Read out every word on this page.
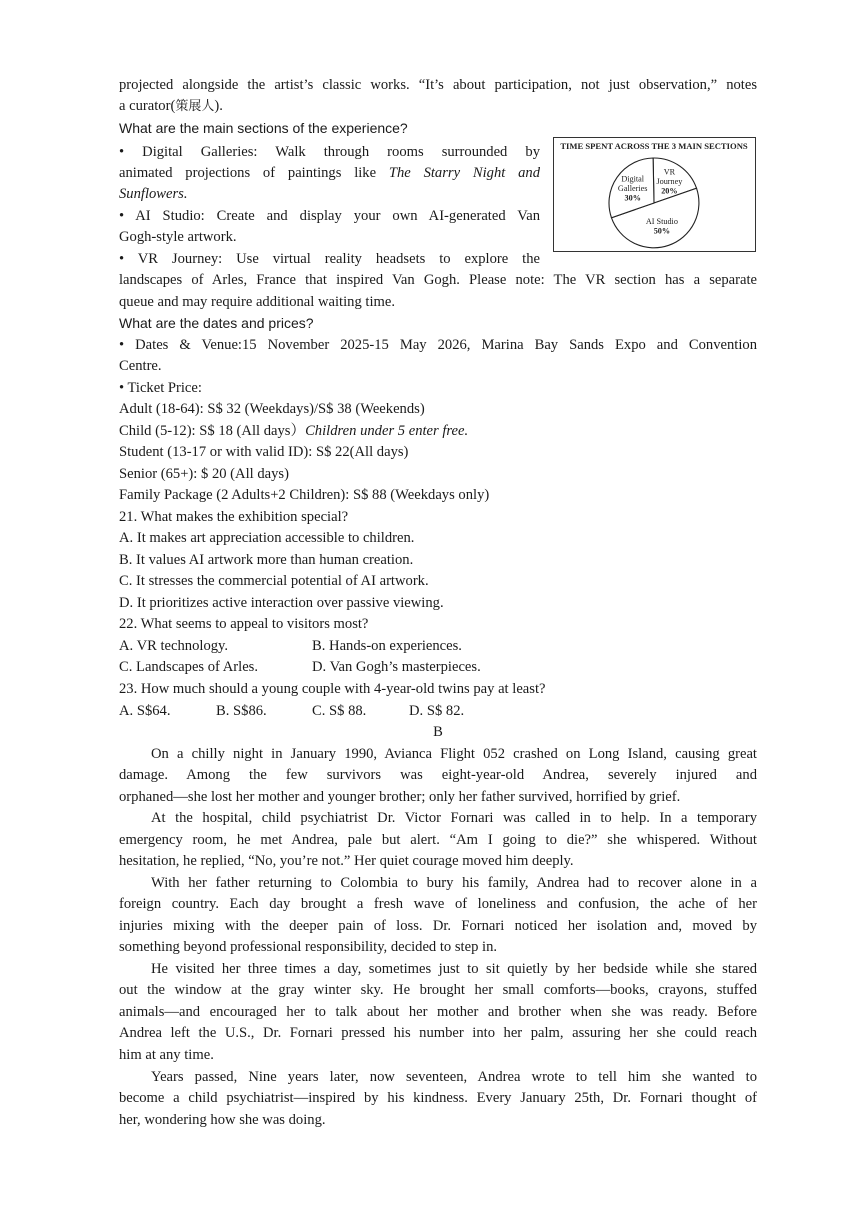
projected alongside the artist’s classic works. “It’s about participation, not just observation,” notes
a curator(策展人).
What are the main sections of the experience?
• Digital Galleries: Walk through rooms surrounded by
animated projections of paintings like The Starry Night and
Sunflowers.
• AI Studio: Create and display your own AI-generated Van
Gogh-style artwork.
• VR Journey: Use virtual reality headsets to explore the
landscapes of Arles, France that inspired Van Gogh. Please note: The VR section has a separate
queue and may require additional waiting time.
TIME SPENT ACROSS THE 3 MAIN SECTIONS
VR
Journey
20%
AI Studio
50%
Digital
Galleries
30%
What are the dates and prices?
• Dates & Venue:15 November 2025-15 May 2026, Marina Bay Sands Expo and Convention
Centre.
• Ticket Price:
Adult (18-64): S$ 32 (Weekdays)/S$ 38 (Weekends)
Child (5-12): S$ 18 (All days）Children under 5 enter free.
Student (13-17 or with valid ID): S$ 22(All days)
Senior (65+): $ 20 (All days)
Family Package (2 Adults+2 Children): S$ 88 (Weekdays only)
21. What makes the exhibition special?
A. It makes art appreciation accessible to children.
B. It values AI artwork more than human creation.
C. It stresses the commercial potential of AI artwork.
D. It prioritizes active interaction over passive viewing.
22. What seems to appeal to visitors most?
A. VR technology.	B. Hands-on experiences.
C. Landscapes of Arles.	D. Van Gogh’s masterpieces.
23. How much should a young couple with 4-year-old twins pay at least?
A. S$64.	B. S$86.	C. S$ 88.	D. S$ 82.
B
On a chilly night in January 1990, Avianca Flight 052 crashed on Long Island, causing great
damage. Among the few survivors was eight-year-old Andrea, severely injured and
orphaned—she lost her mother and younger brother; only her father survived, horrified by grief.
At the hospital, child psychiatrist Dr. Victor Fornari was called in to help. In a temporary
emergency room, he met Andrea, pale but alert. “Am I going to die?” she whispered. Without
hesitation, he replied, “No, you’re not.” Her quiet courage moved him deeply.
With her father returning to Colombia to bury his family, Andrea had to recover alone in a
foreign country. Each day brought a fresh wave of loneliness and confusion, the ache of her
injuries mixing with the deeper pain of loss. Dr. Fornari noticed her isolation and, moved by
something beyond professional responsibility, decided to step in.
He visited her three times a day, sometimes just to sit quietly by her bedside while she stared
out the window at the gray winter sky. He brought her small comforts—books, crayons, stuffed
animals—and encouraged her to talk about her mother and brother when she was ready. Before
Andrea left the U.S., Dr. Fornari pressed his number into her palm, assuring her she could reach
him at any time.
Years passed, Nine years later, now seventeen, Andrea wrote to tell him she wanted to
become a child psychiatrist—inspired by his kindness. Every January 25th, Dr. Fornari thought of
her, wondering how she was doing.
